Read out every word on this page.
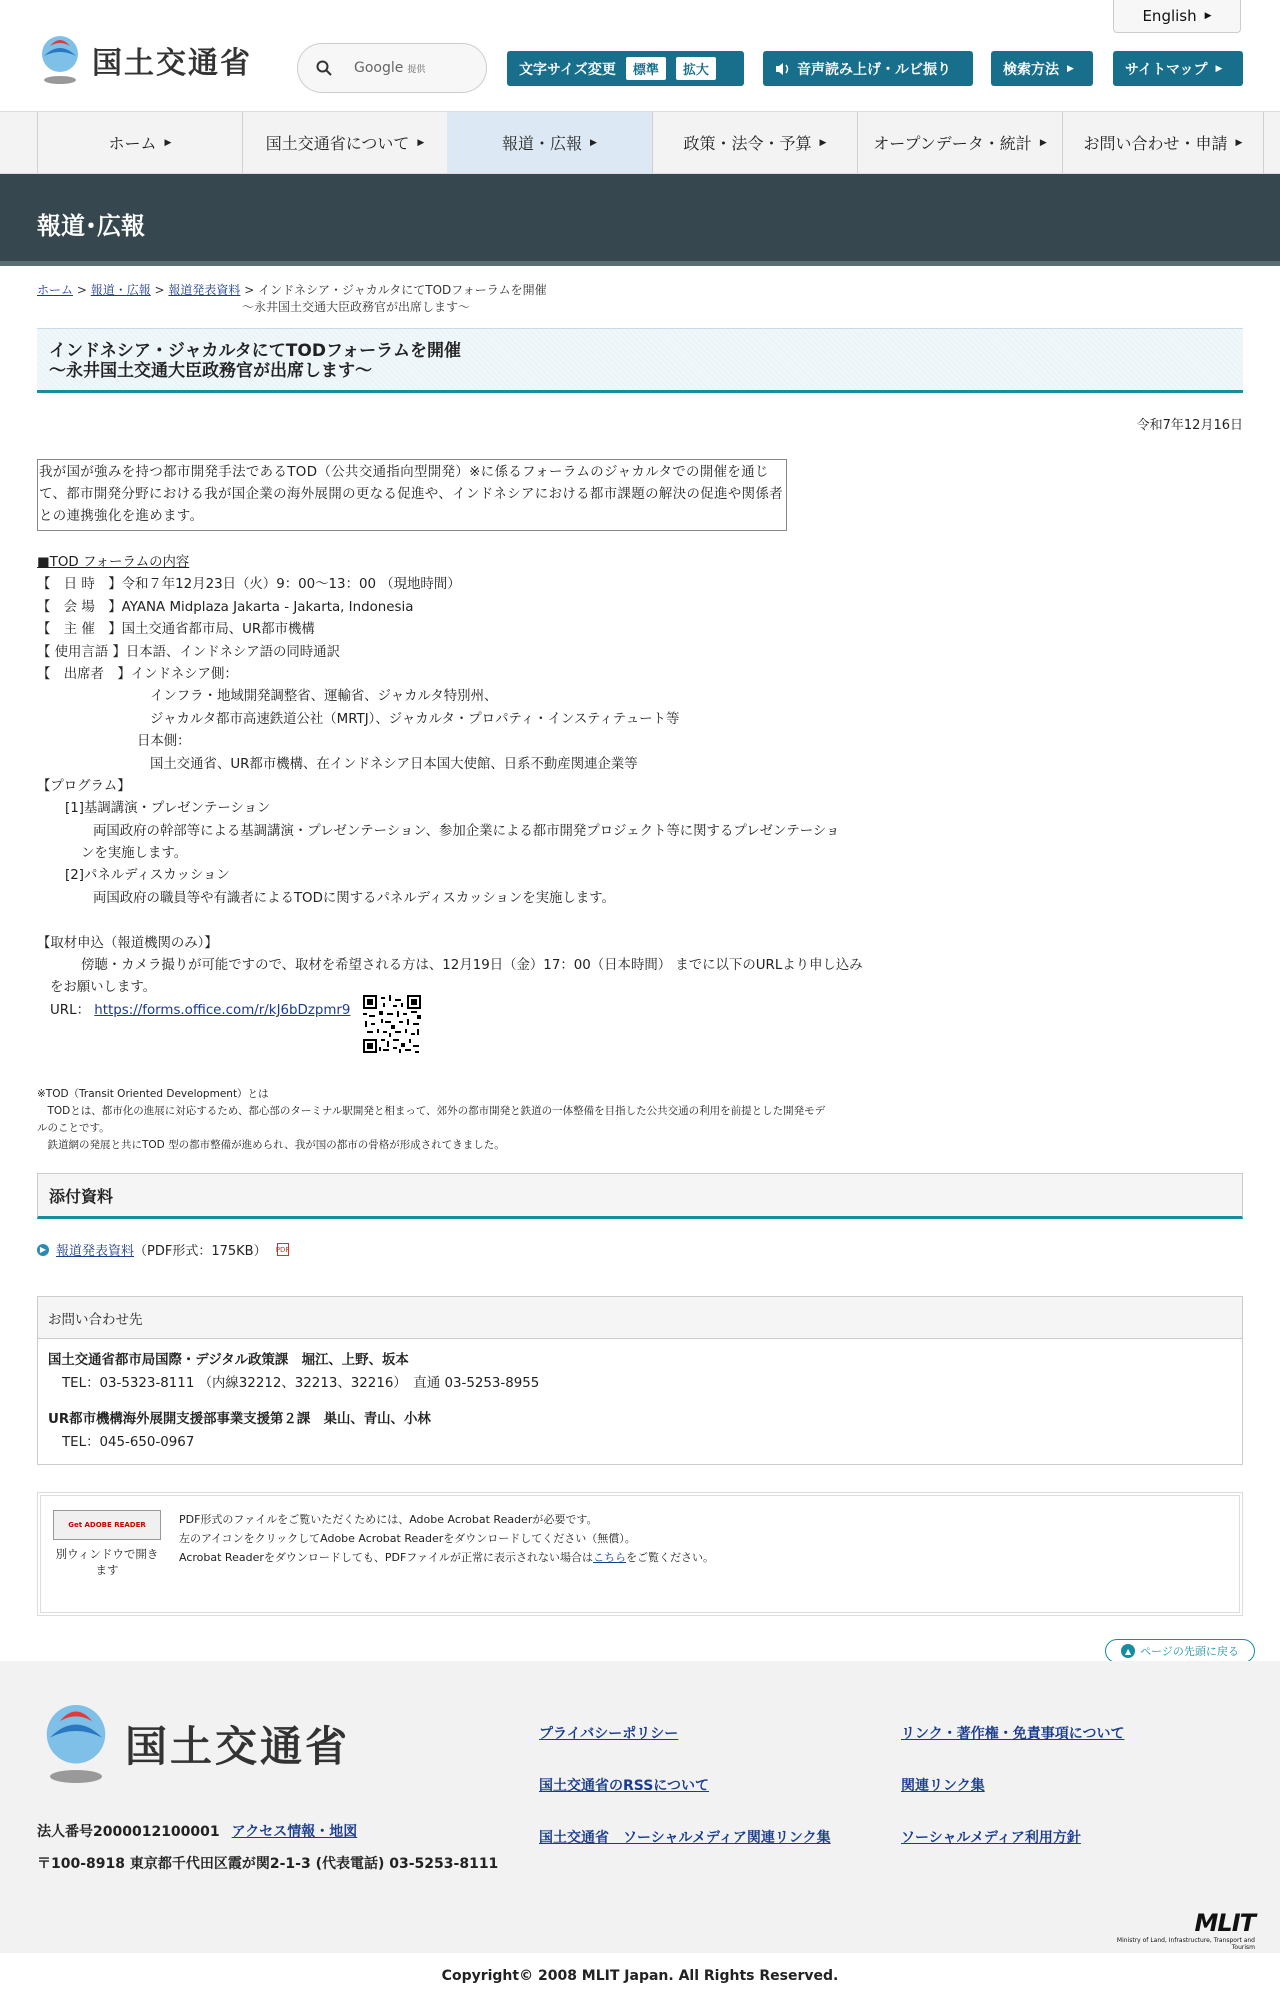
国土交通省
English ▶
Google 提供	文字サイズ変更	標準	拡大	音声読み上げ・ルビ振り	検索方法 ▶	サイトマップ ▶
ホーム ▶	国土交通省について ▶	報道・広報 ▶	政策・法令・予算 ▶	オープンデータ・統計 ▶ お問い合わせ・申請 ▶
報道･広報
ホーム > 報道・広報 > 報道発表資料 > インドネシア・ジャカルタにてTODフォーラムを開催
～永井国土交通大臣政務官が出席します～
インドネシア・ジャカルタにてTODフォーラムを開催
～永井国土交通大臣政務官が出席します～
令和7年12月16日
我が国が強みを持つ都市開発手法であるTOD（公共交通指向型開発）※に係るフォーラムのジャカルタでの開催を通じて、都市開発分野における我が国企業の海外展開の更なる促進や、インドネシアにおける都市課題の解決の促進や関係者との連携強化を進めます。
■TOD フォーラムの内容
【　日 時　】令和７年12月23日（火）9：00～13：00 （現地時間）
【　会 場　】AYANA Midplaza Jakarta - Jakarta, Indonesia
【　主 催　】国土交通省都市局、UR都市機構
【 使用言語 】日本語、インドネシア語の同時通訳
【　出席者　】インドネシア側：
インフラ・地域開発調整省、運輸省、ジャカルタ特別州、
ジャカルタ都市高速鉄道公社（MRTJ）、ジャカルタ・プロパティ・インスティテュート等
日本側：
国土交通省、UR都市機構、在インドネシア日本国大使館、日系不動産関連企業等
【プログラム】
[1]基調講演・プレゼンテーション
両国政府の幹部等による基調講演・プレゼンテーション、参加企業による都市開発プロジェクト等に関するプレゼンテーショ
ンを実施します。
[2]パネルディスカッション
両国政府の職員等や有識者によるTODに関するパネルディスカッションを実施します。
【取材申込（報道機関のみ）】
傍聴・カメラ撮りが可能ですので、取材を希望される方は、12月19日（金）17：00（日本時間） までに以下のURLより申し込み
をお願いします。
URL： https://forms.office.com/r/kJ6bDzpmr9
※TOD（Transit Oriented Development）とは
　TODとは、都市化の進展に対応するため、都心部のターミナル駅開発と相まって、郊外の都市開発と鉄道の一体整備を目指した公共交通の利用を前提とした開発モデ
ルのことです。
　鉄道網の発展と共にTOD 型の都市整備が進められ、我が国の都市の骨格が形成されてきました。
添付資料
▶ 報道発表資料 （PDF形式：175KB） PDF
お問い合わせ先
国土交通省都市局国際・デジタル政策課　堀江、上野、坂本
TEL：03-5323-8111 （内線32212、32213、32216）　直通 03-5253-8955
UR都市機構海外展開支援部事業支援第２課　巣山、青山、小林
TEL：045-650-0967
Get ADOBE READER
別ウィンドウで開きます
PDF形式のファイルをご覧いただくためには、Adobe Acrobat Readerが必要です。
左のアイコンをクリックしてAdobe Acrobat Readerをダウンロードしてください（無償）。
Acrobat Readerをダウンロードしても、PDFファイルが正常に表示されない場合はこちらをご覧ください。
▲ ページの先頭に戻る
国土交通省
法人番号2000012100001 アクセス情報・地図
〒100-8918 東京都千代田区霞が関2-1-3 (代表電話) 03-5253-8111
プライバシーポリシー	リンク・著作権・免責事項について
国土交通省のRSSについて	関連リンク集
国土交通省　ソーシャルメディア関連リンク集	ソーシャルメディア利用方針
MLIT
Ministry of Land, Infrastructure, Transport and Tourism
Copyright© 2008 MLIT Japan. All Rights Reserved.
